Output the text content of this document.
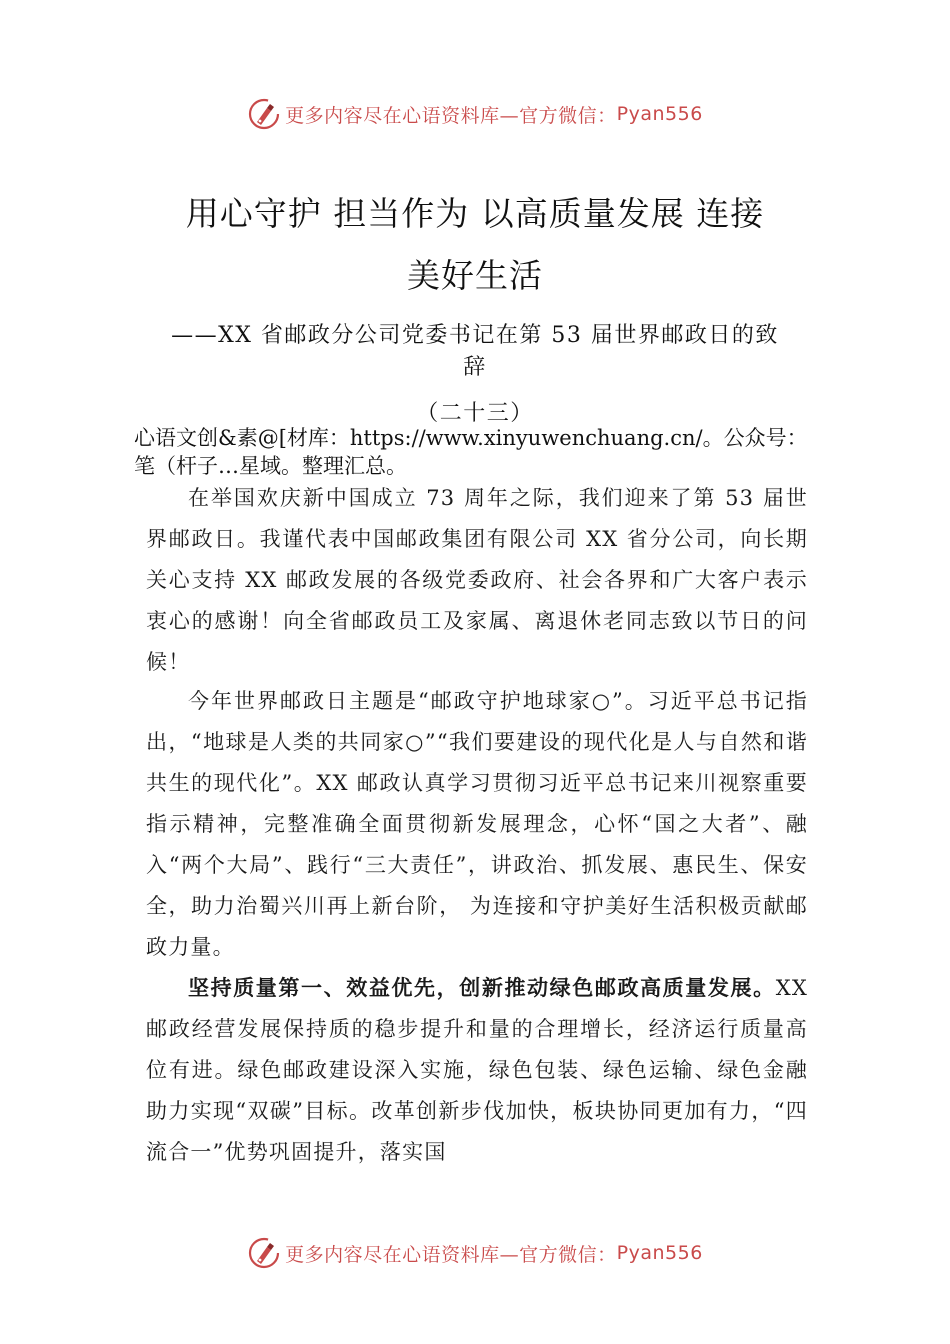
更多内容尽在心语资料库—官方微信： Pyan556
用心守护 担当作为 以高质量发展 连接
美好生活
——XX 省邮政分公司党委书记在第 53 届世界邮政日的致
辞
（二十三）
心语文创&素@[材库：https://www.xinyuwenchuang.cn/。公众号：笔（杆子…星域。整理汇总。
在举国欢庆新中国成立 73 周年之际，我们迎来了第 53 届世界邮政日。我谨代表中国邮政集团有限公司 XX 省分公司，向长期关心支持 XX 邮政发展的各级党委政府、社会各界和广大客户表示衷心的感谢！向全省邮政员工及家属、离退休老同志致以节日的问候！
今年世界邮政日主题是“邮政守护地球家○”。习近平总书记指出，“地球是人类的共同家○”“我们要建设的现代化是人与自然和谐共生的现代化”。XX 邮政认真学习贯彻习近平总书记来川视察重要指示精神，完整准确全面贯彻新发展理念，心怀“国之大者”、融入“两个大局”、践行“三大责任”，讲政治、抓发展、惠民生、保安全，助力治蜀兴川再上新台阶， 为连接和守护美好生活积极贡献邮政力量。
坚持质量第一、效益优先，创新推动绿色邮政高质量发展。XX 邮政经营发展保持质的稳步提升和量的合理增长，经济运行质量高位有进。绿色邮政建设深入实施，绿色包装、绿色运输、绿色金融助力实现“双碳”目标。改革创新步伐加快，板块协同更加有力，“四流合一”优势巩固提升，落实国
更多内容尽在心语资料库—官方微信： Pyan556
